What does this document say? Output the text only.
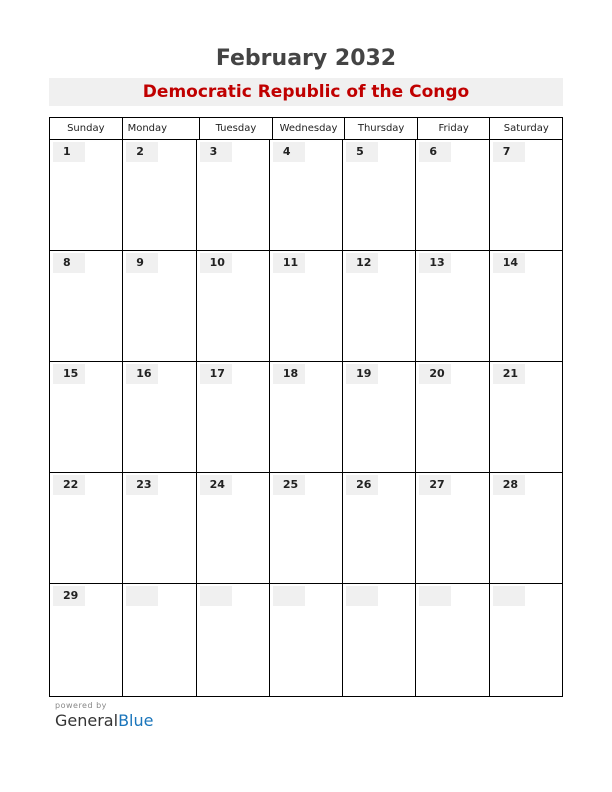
February 2032
Democratic Republic of the Congo
Sunday	Monday	Tuesday	Wednesday	Thursday	Friday	Saturday
1	2	3	4	5	6	7
8	9	10	11	12	13	14
15	16	17	18	19	20	21
22	23	24	25	26	27	28
29
powered by
GeneralBlue
